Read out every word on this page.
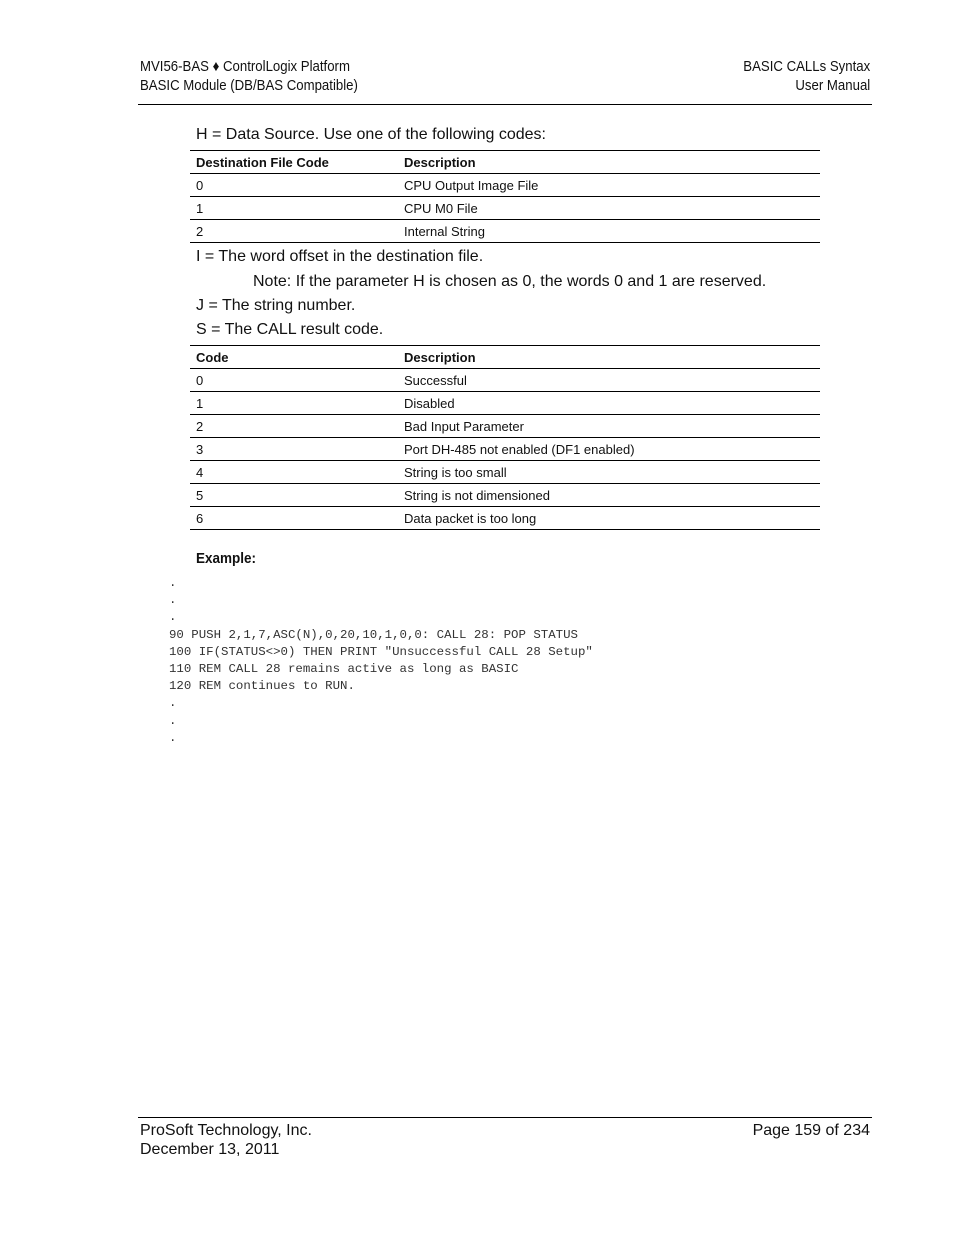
MVI56-BAS ♦ ControlLogix Platform
BASIC Module (DB/BAS Compatible)
BASIC CALLs Syntax
User Manual
H = Data Source. Use one of the following codes:
Destination File Code	Description
0	CPU Output Image File
1	CPU M0 File
2	Internal String
I = The word offset in the destination file.
Note: If the parameter H is chosen as 0, the words 0 and 1 are reserved.
J = The string number.
S = The CALL result code.
Code	Description
0	Successful
1	Disabled
2	Bad Input Parameter
3	Port DH-485 not enabled (DF1 enabled)
4	String is too small
5	String is not dimensioned
6	Data packet is too long
Example:
.
.
.
90 PUSH 2,1,7,ASC(N),0,20,10,1,0,0: CALL 28: POP STATUS
100 IF(STATUS<>0) THEN PRINT "Unsuccessful CALL 28 Setup"
110 REM CALL 28 remains active as long as BASIC
120 REM continues to RUN.
.
.
.
ProSoft Technology, Inc.
December 13, 2011
Page 159 of 234
